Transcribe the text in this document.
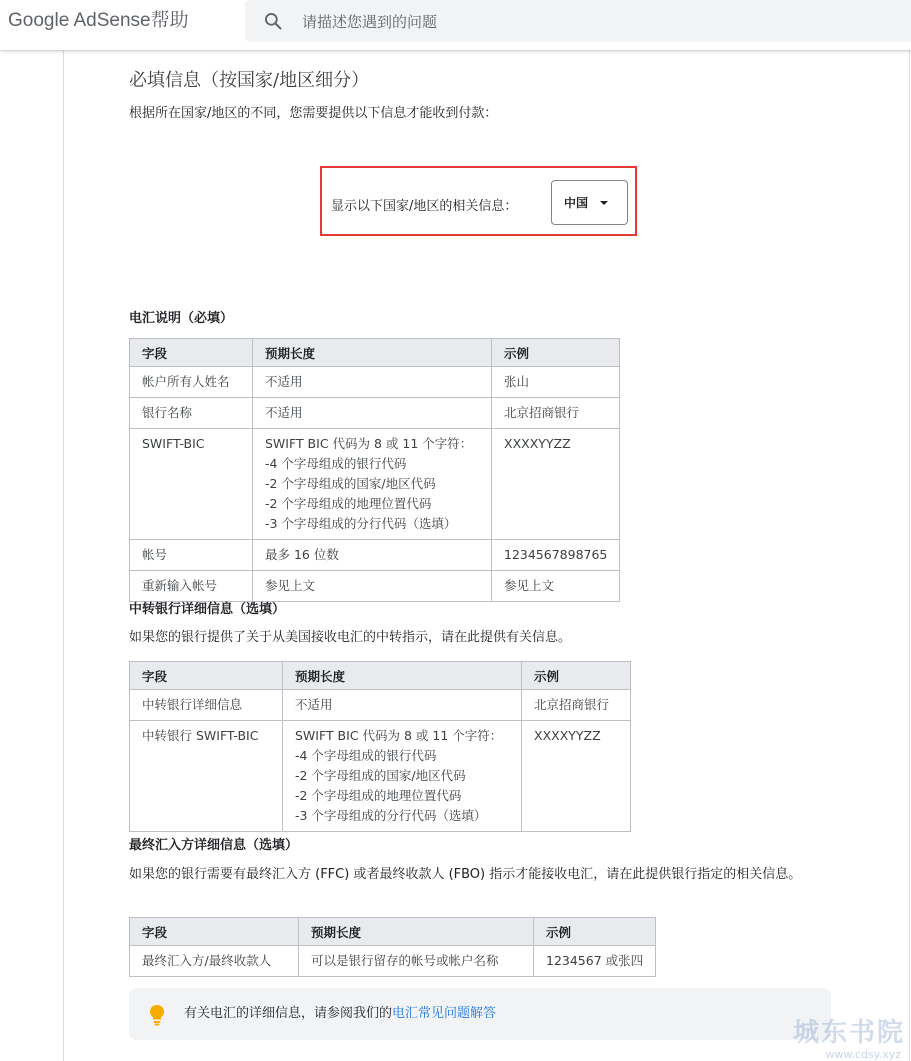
Google AdSense帮助
请描述您遇到的问题
必填信息（按国家/地区细分）
根据所在国家/地区的不同，您需要提供以下信息才能收到付款：
显示以下国家/地区的相关信息：	中国
电汇说明（必填）
字段	预期长度	示例
帐户所有人姓名	不适用	张山
银行名称	不适用	北京招商银行
SWIFT-BIC	SWIFT BIC 代码为 8 或 11 个字符：
-4 个字母组成的银行代码
-2 个字母组成的国家/地区代码
-2 个字母组成的地理位置代码
-3 个字母组成的分行代码（选填）	XXXXYYZZ
帐号	最多 16 位数	1234567898765
重新输入帐号	参见上文	参见上文
中转银行详细信息（选填）
如果您的银行提供了关于从美国接收电汇的中转指示，请在此提供有关信息。
字段	预期长度	示例
中转银行详细信息	不适用	北京招商银行
中转银行 SWIFT-BIC	SWIFT BIC 代码为 8 或 11 个字符：
-4 个字母组成的银行代码
-2 个字母组成的国家/地区代码
-2 个字母组成的地理位置代码
-3 个字母组成的分行代码（选填）	XXXXYYZZ
最终汇入方详细信息（选填）
如果您的银行需要有最终汇入方 (FFC) 或者最终收款人 (FBO) 指示才能接收电汇，请在此提供银行指定的相关信息。
字段	预期长度	示例
最终汇入方/最终收款人	可以是银行留存的帐号或帐户名称	1234567 或张四
有关电汇的详细信息，请参阅我们的电汇常见问题解答
城东书院
www.cdsy.xyz
